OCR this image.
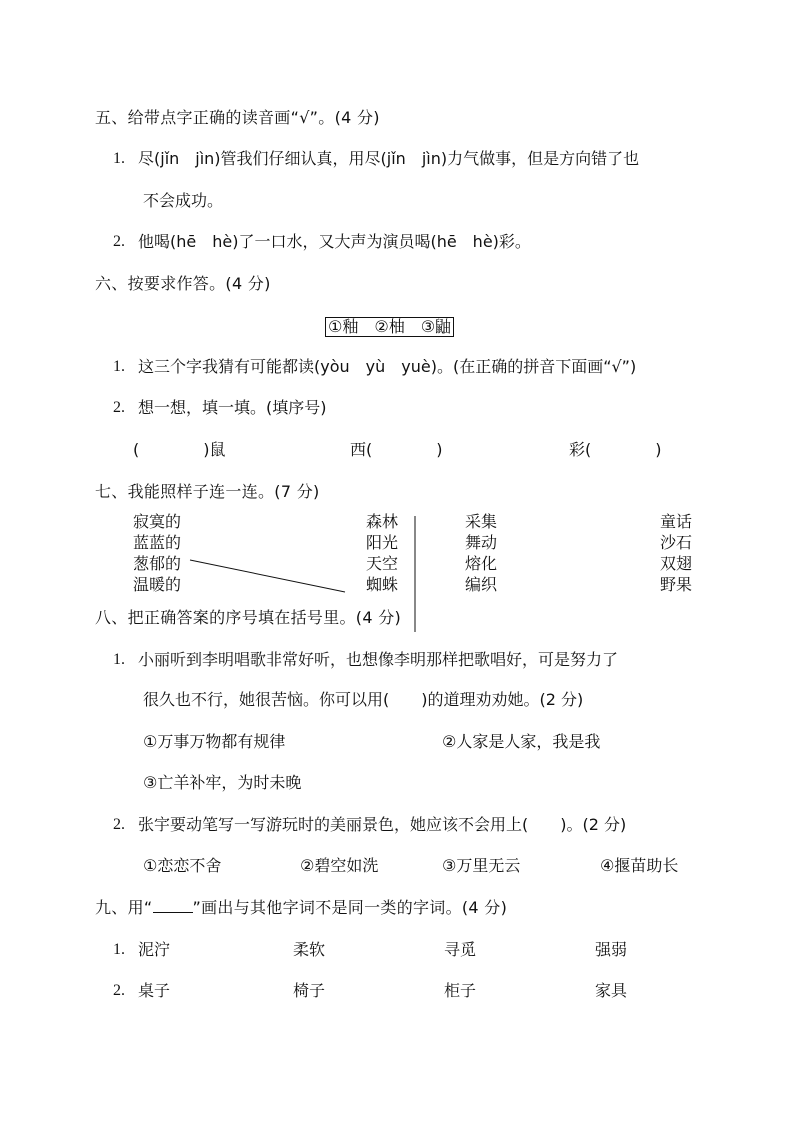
五、给带点字正确的读音画“√”。(4 分)
1. 尽(jǐn　jìn)管我们仔细认真，用尽(jǐn　jìn)力气做事，但是方向错了也
不会成功。
2. 他喝(hē　hè)了一口水，又大声为演员喝(hē　hè)彩。
六、按要求作答。(4 分)
①釉　②柚　③鼬
1. 这三个字我猜有可能都读(yòu　yù　yuè)。(在正确的拼音下面画“√”)
2. 想一想，填一填。(填序号)
(　　　　)鼠	西(　　　　)	彩(　　　　)
七、我能照样子连一连。(7 分)
寂寞的
蓝蓝的
葱郁的
温暖的
森林
阳光
天空
蜘蛛
采集
舞动
熔化
编织
童话
沙石
双翅
野果
八、把正确答案的序号填在括号里。(4 分)
1. 小丽听到李明唱歌非常好听，也想像李明那样把歌唱好，可是努力了
很久也不行，她很苦恼。你可以用(　　)的道理劝劝她。(2 分)
①万事万物都有规律	②人家是人家，我是我
③亡羊补牢，为时未晚
2. 张宇要动笔写一写游玩时的美丽景色，她应该不会用上(　　)。(2 分)
①恋恋不舍	②碧空如洗	③万里无云	④揠苗助长
九、用“	”画出与其他字词不是同一类的字词。(4 分)
1. 泥泞	柔软	寻觅	强弱
2. 桌子	椅子	柜子	家具
